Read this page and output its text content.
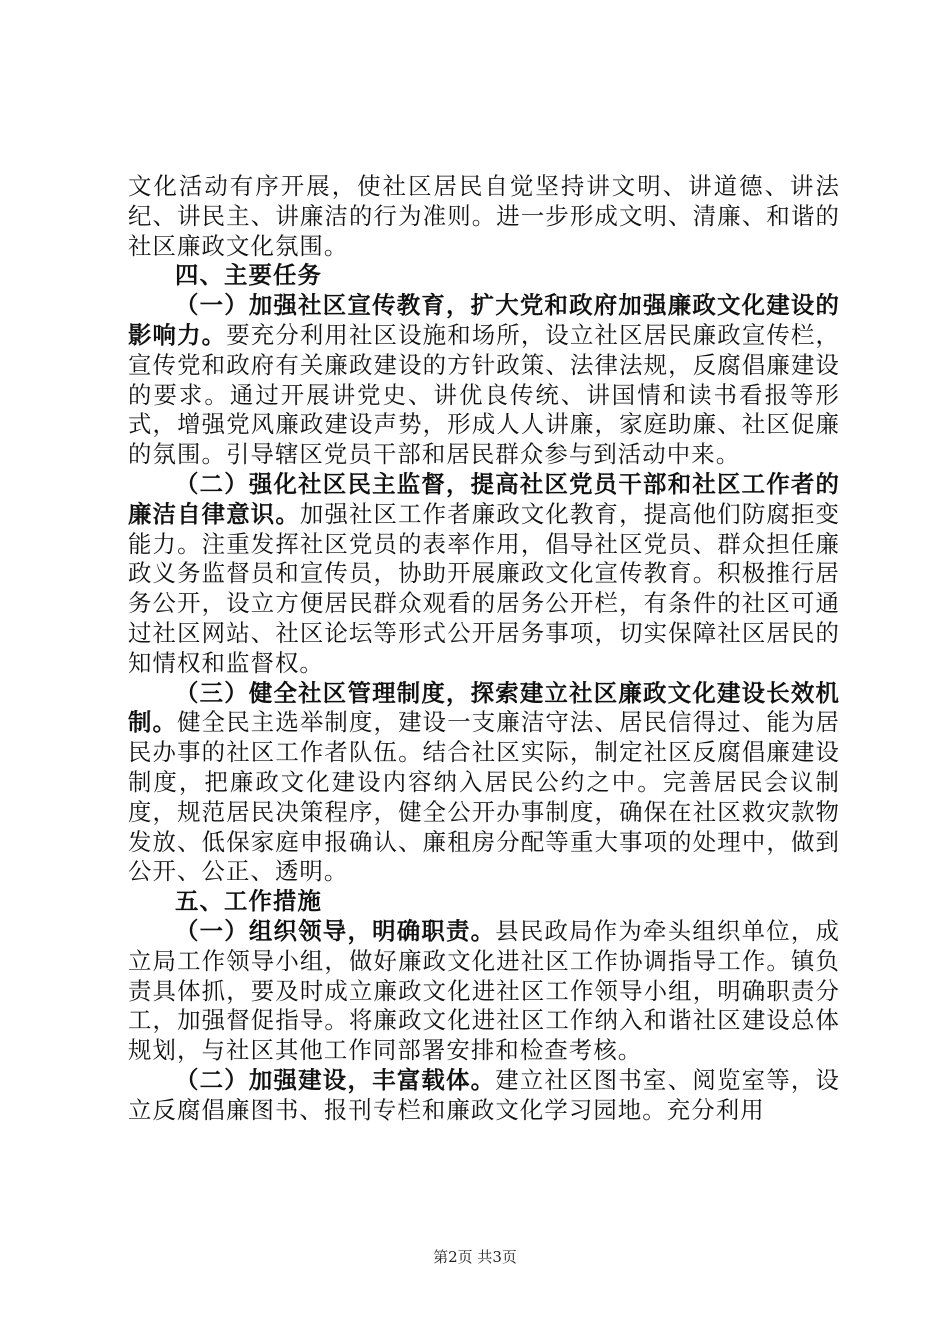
文化活动有序开展，使社区居民自觉坚持讲文明、讲道德、讲法纪、讲民主、讲廉洁的行为准则。进一步形成文明、清廉、和谐的社区廉政文化氛围。

四、主要任务

（一）加强社区宣传教育，扩大党和政府加强廉政文化建设的影响力。要充分利用社区设施和场所，设立社区居民廉政宣传栏，宣传党和政府有关廉政建设的方针政策、法律法规，反腐倡廉建设的要求。通过开展讲党史、讲优良传统、讲国情和读书看报等形式，增强党风廉政建设声势，形成人人讲廉，家庭助廉、社区促廉的氛围。引导辖区党员干部和居民群众参与到活动中来。

（二）强化社区民主监督，提高社区党员干部和社区工作者的廉洁自律意识。加强社区工作者廉政文化教育，提高他们防腐拒变能力。注重发挥社区党员的表率作用，倡导社区党员、群众担任廉政义务监督员和宣传员，协助开展廉政文化宣传教育。积极推行居务公开，设立方便居民群众观看的居务公开栏，有条件的社区可通过社区网站、社区论坛等形式公开居务事项，切实保障社区居民的知情权和监督权。

（三）健全社区管理制度，探索建立社区廉政文化建设长效机制。健全民主选举制度，建设一支廉洁守法、居民信得过、能为居民办事的社区工作者队伍。结合社区实际，制定社区反腐倡廉建设制度，把廉政文化建设内容纳入居民公约之中。完善居民会议制度，规范居民决策程序，健全公开办事制度，确保在社区救灾款物发放、低保家庭申报确认、廉租房分配等重大事项的处理中，做到公开、公正、透明。

五、工作措施

（一）组织领导，明确职责。县民政局作为牵头组织单位，成立局工作领导小组，做好廉政文化进社区工作协调指导工作。镇负责具体抓，要及时成立廉政文化进社区工作领导小组，明确职责分工，加强督促指导。将廉政文化进社区工作纳入和谐社区建设总体规划，与社区其他工作同部署安排和检查考核。

（二）加强建设，丰富载体。建立社区图书室、阅览室等，设立反腐倡廉图书、报刊专栏和廉政文化学习园地。充分利用

第2页 共3页
